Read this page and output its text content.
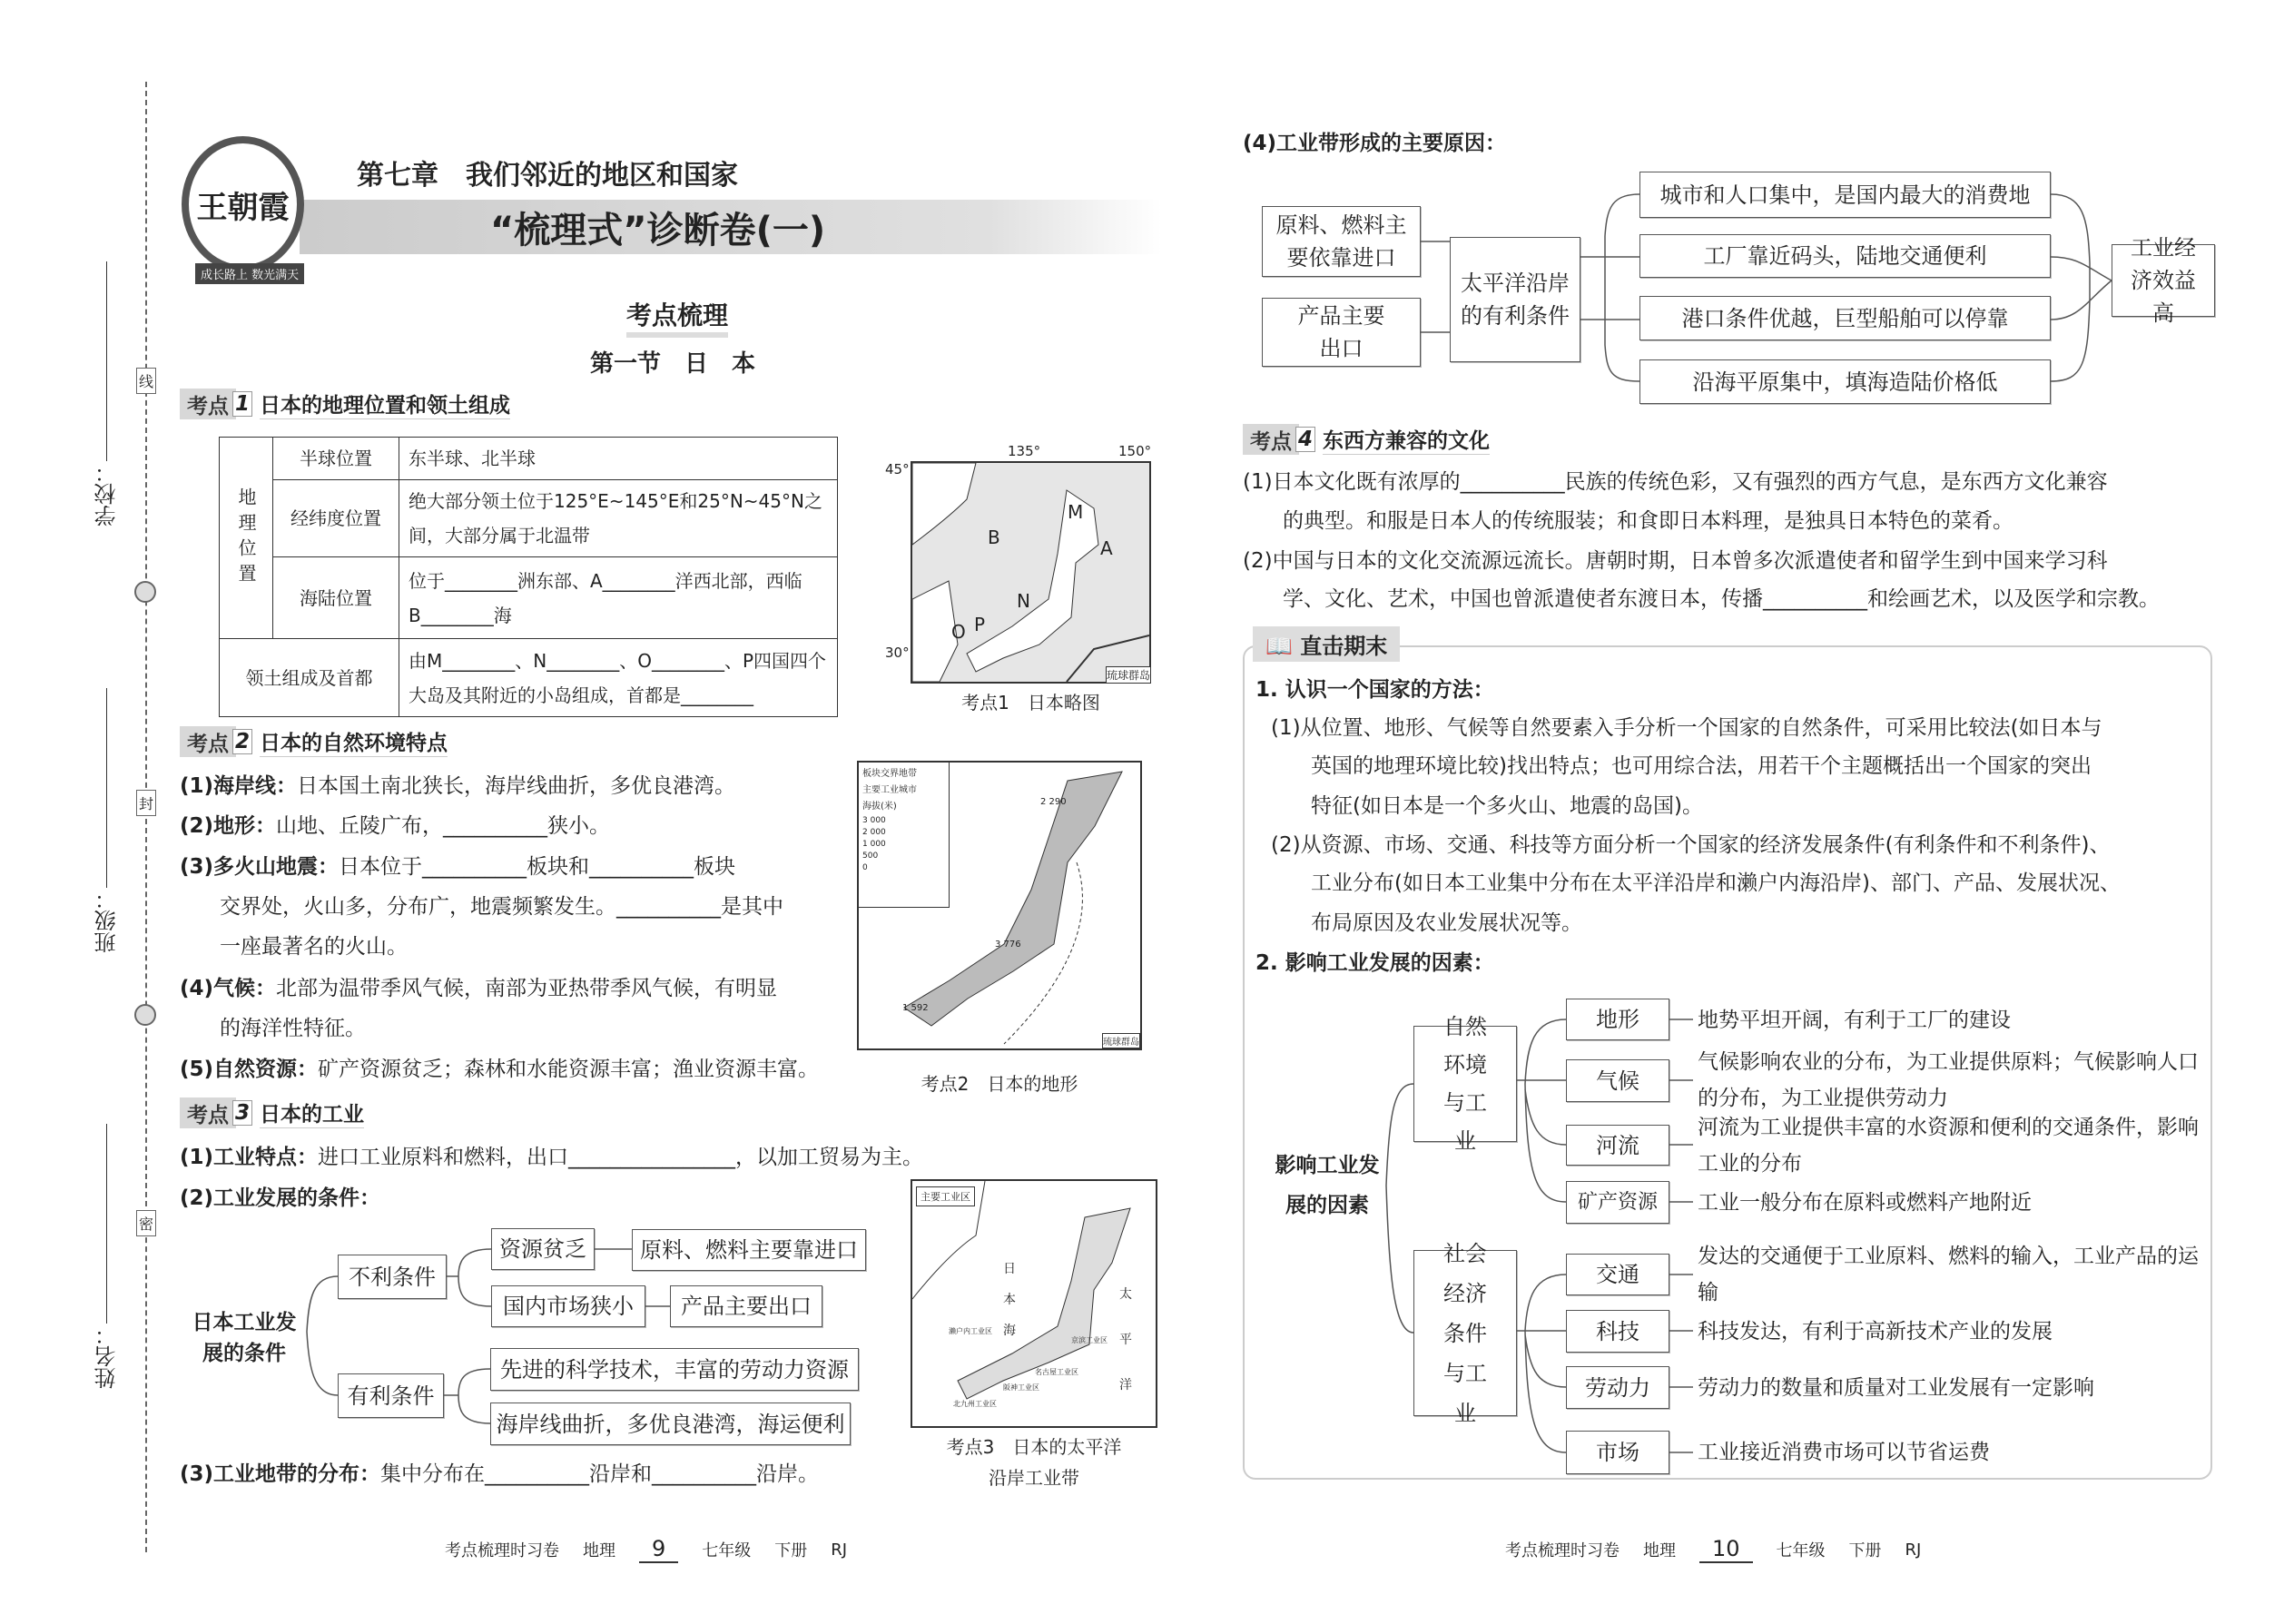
线
封
密
学校：
班级：
姓名：
王朝霞
成长路上 数光满天
第七章　我们邻近的地区和国家
“梳理式”诊断卷(一)
考点梳理
第一节　日　本
考点 1 日本的地理位置和领土组成
地理位置	半球位置	东半球、北半球
	经纬度位置	绝大部分领土位于125°E~145°E和25°N~45°N之间，大部分属于北温带
	海陆位置	位于________洲东部、A________洋西北部，西临B________海
领土组成及首都		由M________、N________、O________、P四国四个大岛及其附近的小岛组成，首都是________
135°	150°
45°
30°
B
M
A
N
O P
琉球群岛
考点1　日本略图
考点 2 日本的自然环境特点
(1)海岸线：日本国土南北狭长，海岸线曲折，多优良港湾。
(2)地形：山地、丘陵广布，__________狭小。
(3)多火山地震：日本位于__________板块和__________板块
交界处，火山多，分布广，地震频繁发生。__________是其中
一座最著名的火山。
(4)气候：北部为温带季风气候，南部为亚热带季风气候，有明显
的海洋性特征。
(5)自然资源：矿产资源贫乏；森林和水能资源丰富；渔业资源丰富。
板块交界地带
主要工业城市
海拔(米)
3 000
2 000
1 000
500
0
2 290
3 776
1 592
琉球群岛
考点2　日本的地形
考点 3 日本的工业
(1)工业特点：进口工业原料和燃料，出口________________，以加工贸易为主。
(2)工业发展的条件：
日本工业发展的条件
不利条件
有利条件
资源贫乏	原料、燃料主要靠进口
国内市场狭小	产品主要出口
先进的科学技术，丰富的劳动力资源
海岸线曲折，多优良港湾，海运便利
(3)工业地带的分布：集中分布在__________沿岸和__________沿岸。
主要工业区
日本海
太平洋
濑户内工业区
京滨工业区
名古屋工业区
阪神工业区
北九州工业区
考点3　日本的太平洋
沿岸工业带
(4)工业带形成的主要原因：
原料、燃料主要依靠进口
产品主要出口
太平洋沿岸的有利条件
城市和人口集中，是国内最大的消费地
工厂靠近码头，陆地交通便利
港口条件优越，巨型船舶可以停靠
沿海平原集中，填海造陆价格低
工业经济效益高
考点 4 东西方兼容的文化
(1)日本文化既有浓厚的__________民族的传统色彩，又有强烈的西方气息，是东西方文化兼容
的典型。和服是日本人的传统服装；和食即日本料理，是独具日本特色的菜肴。
(2)中国与日本的文化交流源远流长。唐朝时期，日本曾多次派遣使者和留学生到中国来学习科
学、文化、艺术，中国也曾派遣使者东渡日本，传播__________和绘画艺术，以及医学和宗教。
📖 直击期末
1. 认识一个国家的方法：
(1)从位置、地形、气候等自然要素入手分析一个国家的自然条件，可采用比较法(如日本与
英国的地理环境比较)找出特点；也可用综合法，用若干个主题概括出一个国家的突出
特征(如日本是一个多火山、地震的岛国)。
(2)从资源、市场、交通、科技等方面分析一个国家的经济发展条件(有利条件和不利条件)、
工业分布(如日本工业集中分布在太平洋沿岸和濑户内海沿岸)、部门、产品、发展状况、
布局原因及农业发展状况等。
2. 影响工业发展的因素：
影响工业发展的因素
自然环境与工业
社会经济条件与工业
地形
气候
河流
矿产资源
交通
科技
劳动力
市场
地势平坦开阔，有利于工厂的建设
气候影响农业的分布，为工业提供原料；气候影响人口的分布，为工业提供劳动力
河流为工业提供丰富的水资源和便利的交通条件，影响工业的分布
工业一般分布在原料或燃料产地附近
发达的交通便于工业原料、燃料的输入，工业产品的运输
科技发达，有利于高新技术产业的发展
劳动力的数量和质量对工业发展有一定影响
工业接近消费市场可以节省运费
考点梳理时习卷 地理	9	七年级 下册 RJ	考点梳理时习卷 地理	10	七年级 下册 RJ
